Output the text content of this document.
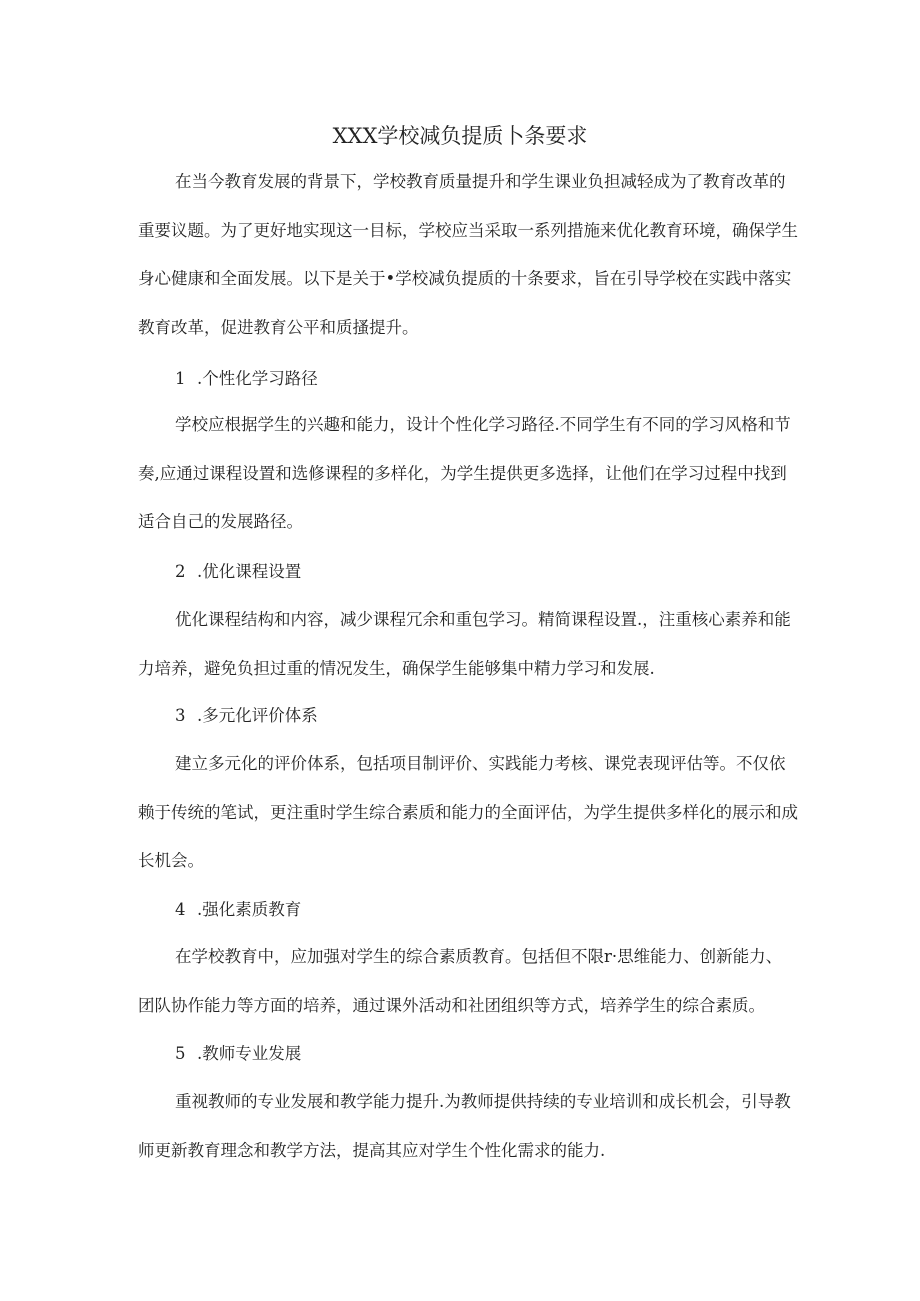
XXX学校减负提质卜条要求
在当今教育发展的背景下，学校教育质量提升和学生课业负担减轻成为了教育改革的重要议题。为了更好地实现这一目标，学校应当采取一系列措施来优化教育环境，确保学生身心健康和全面发展。以下是关于•学校减负提质的十条要求，旨在引导学校在实践中落实教育改革，促进教育公平和质搔提升。
1 .个性化学习路径
学校应根据学生的兴趣和能力，设计个性化学习路径.不同学生有不同的学习风格和节奏,应通过课程设置和选修课程的多样化，为学生提供更多选择，让他们在学习过程中找到适合自己的发展路径。
2 .优化课程设置
优化课程结构和内容，减少课程冗余和重包学习。精简课程设置.，注重核心素养和能力培养，避免负担过重的情况发生，确保学生能够集中精力学习和发展.
3 .多元化评价体系
建立多元化的评价体系，包括项目制评价、实践能力考核、课党表现评估等。不仅依赖于传统的笔试，更注重时学生综合素质和能力的全面评估，为学生提供多样化的展示和成长机会。
4 .强化素质教育
在学校教育中，应加强对学生的综合素质教育。包括但不限r·思维能力、创新能力、团队协作能力等方面的培养，通过课外活动和社团组织等方式，培养学生的综合素质。
5 .教师专业发展
重视教师的专业发展和教学能力提升.为教师提供持续的专业培训和成长机会，引导教师更新教育理念和教学方法，提高其应对学生个性化需求的能力.
